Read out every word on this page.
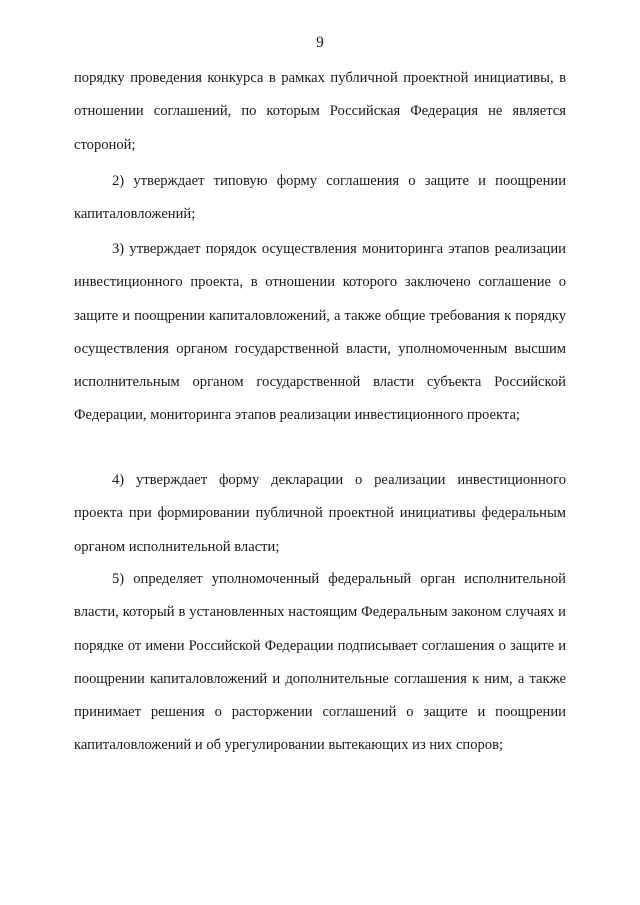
9
порядку проведения конкурса в рамках публичной проектной инициативы, в отношении соглашений, по которым Российская Федерация не является стороной;
2) утверждает типовую форму соглашения о защите и поощрении капиталовложений;
3) утверждает порядок осуществления мониторинга этапов реализации инвестиционного проекта, в отношении которого заключено соглашение о защите и поощрении капиталовложений, а также общие требования к порядку осуществления органом государственной власти, уполномоченным высшим исполнительным органом государственной власти субъекта Российской Федерации, мониторинга этапов реализации инвестиционного проекта;
4) утверждает форму декларации о реализации инвестиционного проекта при формировании публичной проектной инициативы федеральным органом исполнительной власти;
5) определяет уполномоченный федеральный орган исполнительной власти, который в установленных настоящим Федеральным законом случаях и порядке от имени Российской Федерации подписывает соглашения о защите и поощрении капиталовложений и дополнительные соглашения к ним, а также принимает решения о расторжении соглашений о защите и поощрении капиталовложений и об урегулировании вытекающих из них споров;
